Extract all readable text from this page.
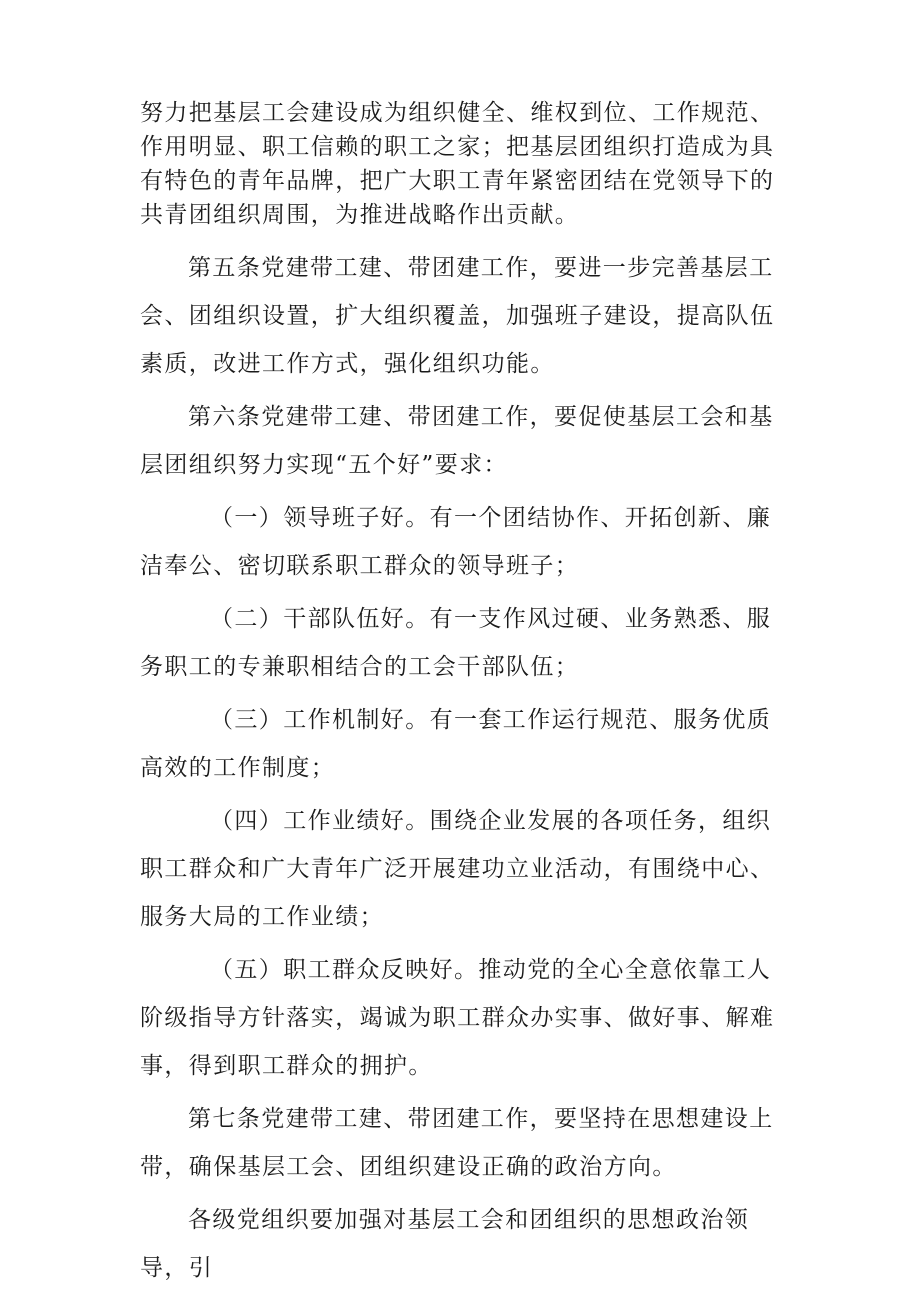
努力把基层工会建设成为组织健全、维权到位、工作规范、作用明显、职工信赖的职工之家；把基层团组织打造成为具有特色的青年品牌，把广大职工青年紧密团结在党领导下的共青团组织周围，为推进战略作出贡献。

第五条党建带工建、带团建工作，要进一步完善基层工会、团组织设置，扩大组织覆盖，加强班子建设，提高队伍素质，改进工作方式，强化组织功能。

第六条党建带工建、带团建工作，要促使基层工会和基层团组织努力实现“五个好”要求：

（一）领导班子好。有一个团结协作、开拓创新、廉洁奉公、密切联系职工群众的领导班子；

（二）干部队伍好。有一支作风过硬、业务熟悉、服务职工的专兼职相结合的工会干部队伍；

（三）工作机制好。有一套工作运行规范、服务优质高效的工作制度；

（四）工作业绩好。围绕企业发展的各项任务，组织职工群众和广大青年广泛开展建功立业活动，有围绕中心、服务大局的工作业绩；

（五）职工群众反映好。推动党的全心全意依靠工人阶级指导方针落实，竭诚为职工群众办实事、做好事、解难事，得到职工群众的拥护。

第七条党建带工建、带团建工作，要坚持在思想建设上带，确保基层工会、团组织建设正确的政治方向。

各级党组织要加强对基层工会和团组织的思想政治领导，引
